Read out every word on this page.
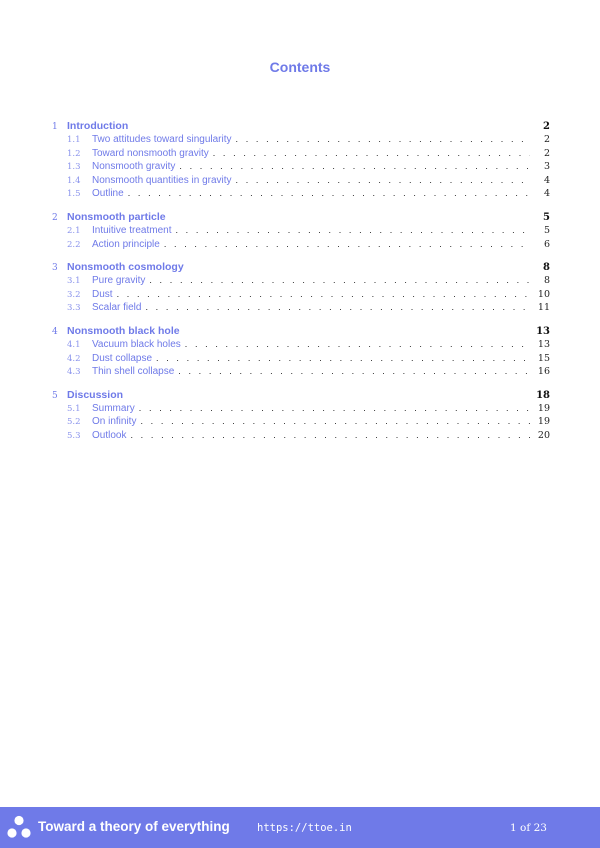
Contents
1 Introduction	2
1.1	Two attitudes toward singularity . . .	2
1.2	Toward nonsmooth gravity . . .	2
1.3	Nonsmooth gravity . . .	3
1.4	Nonsmooth quantities in gravity . . .	4
1.5	Outline . . .	4
2 Nonsmooth particle	5
2.1	Intuitive treatment . . .	5
2.2	Action principle . . .	6
3 Nonsmooth cosmology	8
3.1	Pure gravity . . .	8
3.2	Dust . . .	10
3.3	Scalar field . . .	11
4 Nonsmooth black hole	13
4.1	Vacuum black holes . . .	13
4.2	Dust collapse . . .	15
4.3	Thin shell collapse . . .	16
5 Discussion	18
5.1	Summary . . .	19
5.2	On infinity . . .	19
5.3	Outlook . . .	20
Toward a theory of everything	https://ttoe.in	1 of 23
